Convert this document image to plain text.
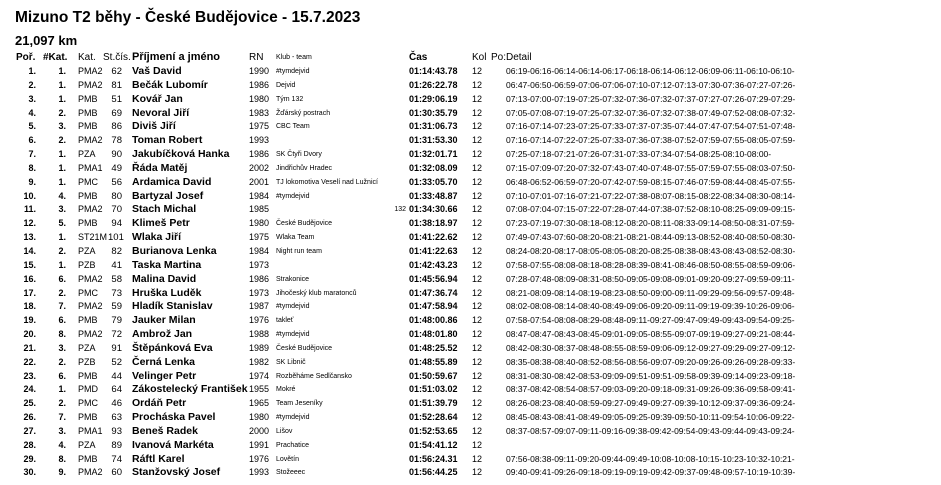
Mizuno T2 běhy - České Budějovice - 15.7.2023
21,097 km
Poř. #Kat. Kat. St.čís. Příjmení a jméno	RN Klub - team	Čas	Kol Po: Detail
1.	1. PMA2 62 Vaš David	1990 #tymdejvid	01:14:43.78 12	06:19-06:16-06:14-06:14-06:17-06:18-06:14-06:12-06:09-06:11-06:10-06:10-
2.	1. PMA2 81 Bečák Lubomír	1986 Dejvid	01:26:22.78 12	06:47-06:50-06:59-07:06-07:06-07:10-07:12-07:13-07:30-07:36-07:27-07:26-
3.	1. PMB	51 Kovář Jan	1980 Tým 132	01:29:06.19 12	07:13-07:00-07:19-07:25-07:32-07:36-07:32-07:37-07:27-07:26-07:29-07:29-
4.	2. PMB	69 Nevoral Jiří	1983 Žďárský postrach	01:30:35.79 12	07:05-07:08-07:19-07:25-07:32-07:36-07:32-07:38-07:49-07:52-08:08-07:32-
5.	3. PMB	86 Diviš Jiří	1975 CBC Team	01:31:06.73 12	07:16-07:14-07:23-07:25-07:33-07:37-07:35-07:44-07:47-07:54-07:51-07:48-
6.	2. PMA2 78 Toman Robert	1993	01:31:53.30 12	07:16-07:14-07:22-07:25-07:33-07:36-07:38-07:52-07:59-07:55-08:05-07:59-
7.	1. PZA	90 Jakubíčková Hanka 1986 SK Čtyři Dvory	01:32:01.71 12	07:25-07:18-07:21-07:26-07:31-07:33-07:34-07:54-08:25-08:10-08:00-
8.	1. PMA1 49 Řáda Matěj	2002 Jindřichův Hradec	01:32:08.09 12	07:15-07:09-07:20-07:32-07:43-07:40-07:48-07:55-07:59-07:55-08:03-07:50-
9.	1. PMC	56 Ardamica David	2001 TJ lokomotiva Veselí nad Lužnicí	01:33:05.70 12	06:48-06:52-06:59-07:20-07:42-07:59-08:15-07:46-07:59-08:44-08:45-07:55-
10.	4. PMB	80 Bartyzal Josef	1984 #tymdejvid	01:33:48.87 12	07:10-07:01-07:16-07:21-07:22-07:38-08:07-08:15-08:22-08:34-08:30-08:14-
11.	3. PMA2 70 Stach Michal	1985	132 01:34:30.66 12	07:08-07:04-07:15-07:22-07:28-07:44-07:38-07:52-08:10-08:25-09:09-09:15-
12.	5. PMB	94 Klimeš Petr	1980 České Budějovice	01:38:18.97 12	07:23-07:19-07:30-08:18-08:12-08:20-08:11-08:33-09:14-08:50-08:31-07:59-
13.	1. ST21M 101 Wlaka Jiří	1975 Wlaka Team	01:41:22.62 12	07:49-07:43-07:60-08:20-08:21-08:21-08:44-09:13-08:52-08:40-08:50-08:30-
14.	2. PZA	82 Burianova Lenka	1984 Night run team	01:41:22.63 12	08:24-08:20-08:17-08:05-08:05-08:20-08:25-08:38-08:43-08:43-08:52-08:30-
15.	1. PZB	41 Taska Martina	1973	01:42:43.23 12	07:58-07:55-08:08-08:18-08:28-08:39-08:41-08:46-08:50-08:55-08:59-09:06-
16.	6. PMA2 58 Malina David	1986 Strakonice	01:45:56.94 12	07:28-07:48-08:09-08:31-08:50-09:05-09:08-09:01-09:20-09:27-09:59-09:11-
17.	2. PMC	73 Hruška Luděk	1973 Jihočeský klub maratonců	01:47:36.74 12	08:21-08:09-08:14-08:19-08:23-08:50-09:00-09:11-09:29-09:56-09:57-09:48-
18.	7. PMA2 59 Hladík Stanislav	1987 #tymdejvid	01:47:58.94 12	08:02-08:08-08:14-08:40-08:49-09:06-09:20-09:11-09:19-09:39-10:26-09:06-
19.	6. PMB	79 Jauker Milan	1976 takleť	01:48:00.86 12	07:58-07:54-08:08-08:29-08:48-09:11-09:27-09:47-09:49-09:43-09:54-09:25-
20.	8. PMA2 72 Ambrož Jan	1988 #tymdejvid	01:48:01.80 12	08:47-08:47-08:43-08:45-09:01-09:05-08:55-09:07-09:19-09:27-09:21-08:44-
21.	3. PZA	91 Štěpánková Eva	1989 České Budějovice	01:48:25.52 12	08:42-08:30-08:37-08:48-08:55-08:59-09:06-09:12-09:27-09:29-09:27-09:12-
22.	2. PZB	52 Černá Lenka	1982 SK Libnič	01:48:55.89 12	08:35-08:38-08:40-08:52-08:56-08:56-09:07-09:20-09:26-09:26-09:28-09:33-
23.	6. PMB	44 Velinger Petr	1974 Rozběháme Sedlčansko	01:50:59.67 12	08:31-08:30-08:42-08:53-09:09-09:51-09:51-09:58-09:39-09:14-09:23-09:18-
24.	1. PMD	64 Zákostelecký František 1955 Mokré	01:51:03.02 12	08:37-08:42-08:54-08:57-09:03-09:20-09:18-09:31-09:26-09:36-09:58-09:41-
25.	2. PMC	46 Ordáň Petr	1965 Team Jeseníky	01:51:39.79 12	08:26-08:23-08:40-08:59-09:27-09:49-09:27-09:39-10:12-09:37-09:36-09:24-
26.	7. PMB	63 Procháska Pavel	1980 #tymdejvid	01:52:28.64 12	08:45-08:43-08:41-08:49-09:05-09:25-09:39-09:50-10:11-09:54-10:06-09:22-
27.	3. PMA1 93 Beneš Radek	2000 Lišov	01:52:53.65 12	08:37-08:57-09:07-09:11-09:16-09:38-09:42-09:54-09:43-09:44-09:43-09:24-
28.	4. PZA	89 Ivanová Markéta	1991 Prachatice	01:54:41.12 12
29.	8. PMB	74 Ráftl Karel	1976 Lovětín	01:56:24.31 12	07:56-08:38-09:11-09:20-09:44-09:49-10:08-10:08-10:15-10:23-10:32-10:21-
30.	9. PMA2 60 Stanžovský Josef	1993 Stožeeec	01:56:44.25 12	09:40-09:41-09:26-09:18-09:19-09:19-09:42-09:37-09:48-09:57-10:19-10:39-
